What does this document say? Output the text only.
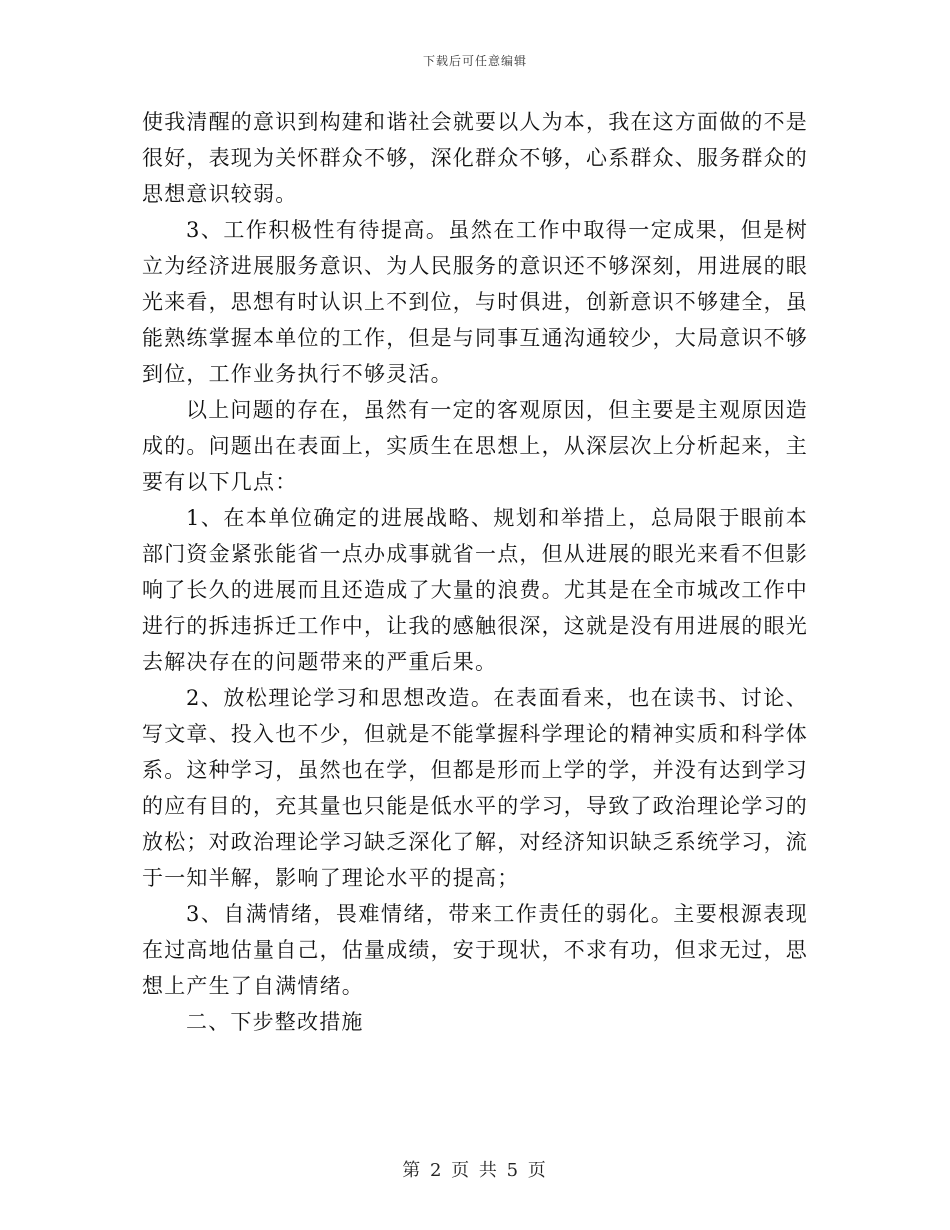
下载后可任意编辑

使我清醒的意识到构建和谐社会就要以人为本，我在这方面做的不是很好，表现为关怀群众不够，深化群众不够，心系群众、服务群众的思想意识较弱。

3、工作积极性有待提高。虽然在工作中取得一定成果，但是树立为经济进展服务意识、为人民服务的意识还不够深刻，用进展的眼光来看，思想有时认识上不到位，与时俱进，创新意识不够建全，虽能熟练掌握本单位的工作，但是与同事互通沟通较少，大局意识不够到位，工作业务执行不够灵活。

以上问题的存在，虽然有一定的客观原因，但主要是主观原因造成的。问题出在表面上，实质生在思想上，从深层次上分析起来，主要有以下几点：

1、在本单位确定的进展战略、规划和举措上，总局限于眼前本部门资金紧张能省一点办成事就省一点，但从进展的眼光来看不但影响了长久的进展而且还造成了大量的浪费。尤其是在全市城改工作中进行的拆违拆迁工作中，让我的感触很深，这就是没有用进展的眼光去解决存在的问题带来的严重后果。

2、放松理论学习和思想改造。在表面看来，也在读书、讨论、写文章、投入也不少，但就是不能掌握科学理论的精神实质和科学体系。这种学习，虽然也在学，但都是形而上学的学，并没有达到学习的应有目的，充其量也只能是低水平的学习，导致了政治理论学习的放松；对政治理论学习缺乏深化了解，对经济知识缺乏系统学习，流于一知半解，影响了理论水平的提高；

3、自满情绪，畏难情绪，带来工作责任的弱化。主要根源表现在过高地估量自己，估量成绩，安于现状，不求有功，但求无过，思想上产生了自满情绪。

二、下步整改措施

第 2 页 共 5 页
